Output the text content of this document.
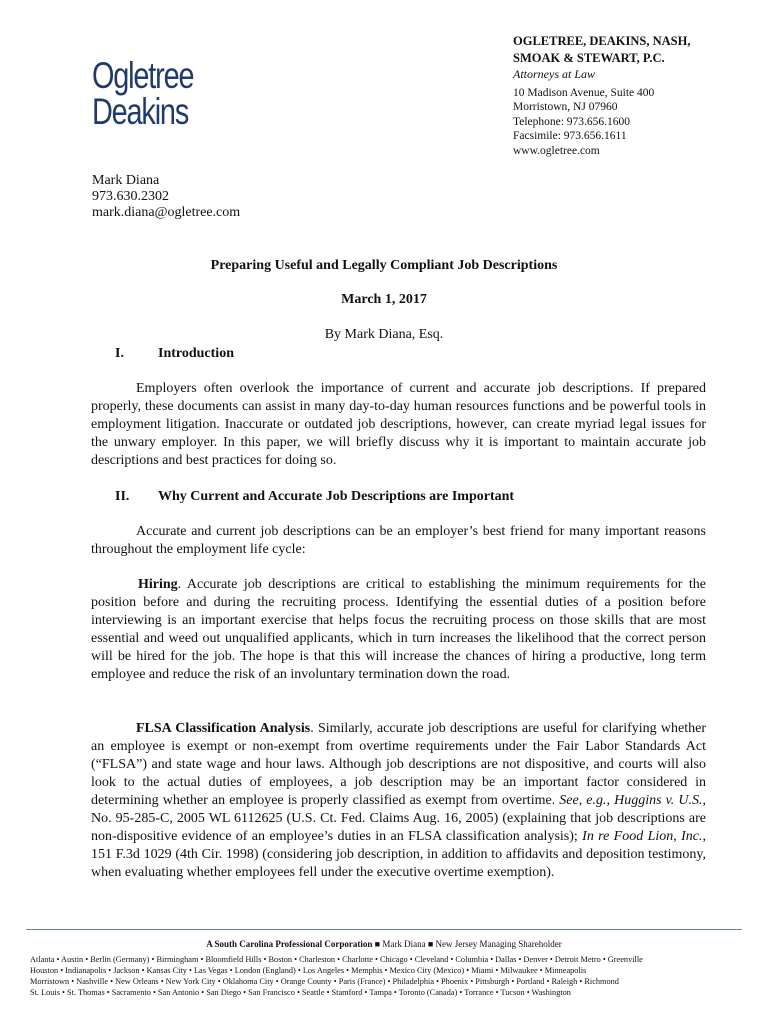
Ogletree
Deakins
OGLETREE, DEAKINS, NASH,
SMOAK & STEWART, P.C.
Attorneys at Law
10 Madison Avenue, Suite 400
Morristown, NJ 07960
Telephone: 973.656.1600
Facsimile: 973.656.1611
www.ogletree.com
Mark Diana
973.630.2302
mark.diana@ogletree.com
Preparing Useful and Legally Compliant Job Descriptions
March 1, 2017
By Mark Diana, Esq.
I. Introduction
Employers often overlook the importance of current and accurate job descriptions. If prepared properly, these documents can assist in many day-to-day human resources functions and be powerful tools in employment litigation. Inaccurate or outdated job descriptions, however, can create myriad legal issues for the unwary employer. In this paper, we will briefly discuss why it is important to maintain accurate job descriptions and best practices for doing so.
II. Why Current and Accurate Job Descriptions are Important
Accurate and current job descriptions can be an employer’s best friend for many important reasons throughout the employment life cycle:
Hiring. Accurate job descriptions are critical to establishing the minimum requirements for the position before and during the recruiting process. Identifying the essential duties of a position before interviewing is an important exercise that helps focus the recruiting process on those skills that are most essential and weed out unqualified applicants, which in turn increases the likelihood that the correct person will be hired for the job. The hope is that this will increase the chances of hiring a productive, long term employee and reduce the risk of an involuntary termination down the road.
FLSA Classification Analysis. Similarly, accurate job descriptions are useful for clarifying whether an employee is exempt or non-exempt from overtime requirements under the Fair Labor Standards Act (“FLSA”) and state wage and hour laws. Although job descriptions are not dispositive, and courts will also look to the actual duties of employees, a job description may be an important factor considered in determining whether an employee is properly classified as exempt from overtime. See, e.g., Huggins v. U.S., No. 95-285-C, 2005 WL 6112625 (U.S. Ct. Fed. Claims Aug. 16, 2005) (explaining that job descriptions are non-dispositive evidence of an employee’s duties in an FLSA classification analysis); In re Food Lion, Inc., 151 F.3d 1029 (4th Cir. 1998) (considering job description, in addition to affidavits and deposition testimony, when evaluating whether employees fell under the executive overtime exemption).
A South Carolina Professional Corporation ■ Mark Diana ■ New Jersey Managing Shareholder
Atlanta • Austin • Berlin (Germany) • Birmingham • Bloomfield Hills • Boston • Charleston • Charlotte • Chicago • Cleveland • Columbia • Dallas • Denver • Detroit Metro • Greenville
Houston • Indianapolis • Jackson • Kansas City • Las Vegas • London (England) • Los Angeles • Memphis • Mexico City (Mexico) • Miami • Milwaukee • Minneapolis
Morristown • Nashville • New Orleans • New York City • Oklahoma City • Orange County • Paris (France) • Philadelphia • Phoenix • Pittsburgh • Portland • Raleigh • Richmond
St. Louis • St. Thomas • Sacramento • San Antonio • San Diego • San Francisco • Seattle • Stamford • Tampa • Toronto (Canada) • Torrance • Tucson • Washington
